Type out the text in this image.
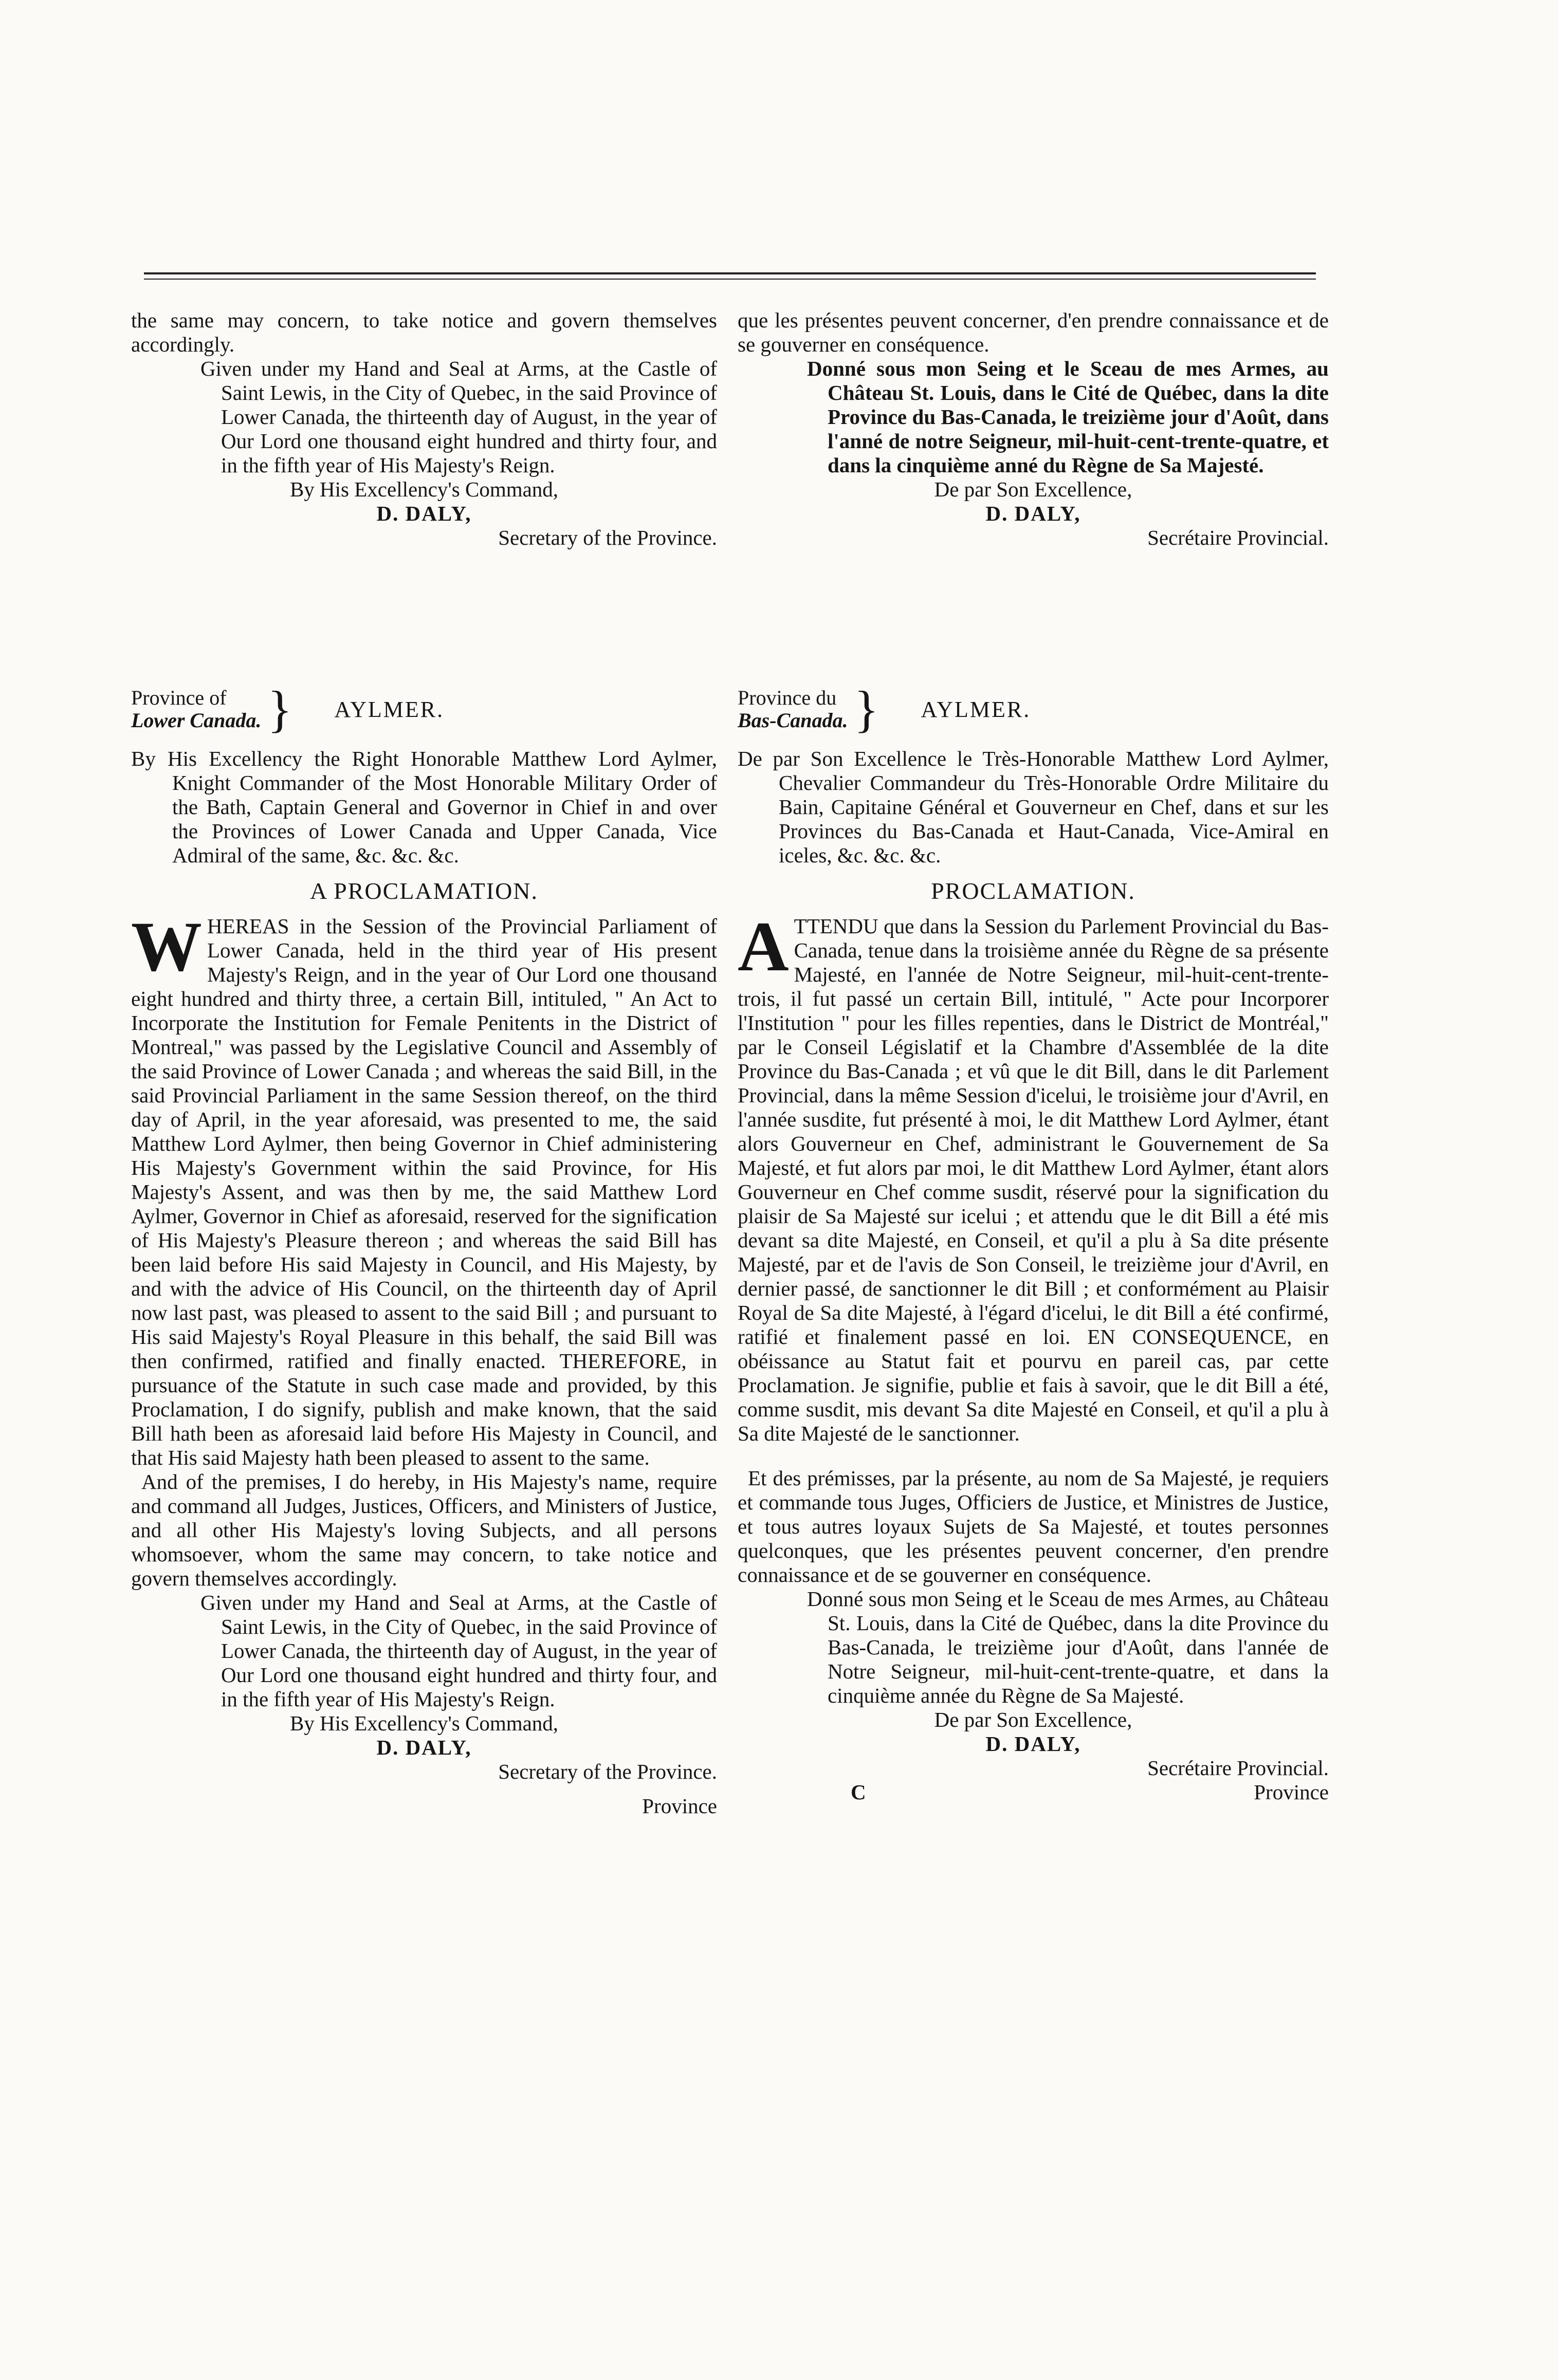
the same may concern, to take notice and govern themselves accordingly.

Given under my Hand and Seal at Arms, at the Castle of Saint Lewis, in the City of Quebec, in the said Province of Lower Canada, the thirteenth day of August, in the year of Our Lord one thousand eight hundred and thirty four, and in the fifth year of His Majesty's Reign.

By His Excellency's Command,

D. DALY,

Secretary of the Province.

que les présentes peuvent concerner, d'en prendre connaissance et de se gouverner en conséquence.

Donné sous mon Seing et le Sceau de mes Armes, au Château St. Louis, dans le Cité de Québec, dans la dite Province du Bas-Canada, le treizième jour d'Août, dans l'anné de notre Seigneur, mil-huit-cent-trente-quatre, et dans la cinquième anné du Règne de Sa Majesté.

De par Son Excellence,

D. DALY,

Secrétaire Provincial.

Province of
Lower Canada. } AYLMER.

By His Excellency the Right Honorable Matthew Lord Aylmer, Knight Commander of the Most Honorable Military Order of the Bath, Captain General and Governor in Chief in and over the Provinces of Lower Canada and Upper Canada, Vice Admiral of the same, &c. &c. &c.

A PROCLAMATION.

W HEREAS in the Session of the Provincial Parliament of Lower Canada, held in the third year of His present Majesty's Reign, and in the year of Our Lord one thousand eight hundred and thirty three, a certain Bill, intituled, " An Act to Incorporate the Institution for Female Penitents in the District of Montreal," was passed by the Legislative Council and Assembly of the said Province of Lower Canada ; and whereas the said Bill, in the said Provincial Parliament in the same Session thereof, on the third day of April, in the year aforesaid, was presented to me, the said Matthew Lord Aylmer, then being Governor in Chief administering His Majesty's Government within the said Province, for His Majesty's Assent, and was then by me, the said Matthew Lord Aylmer, Governor in Chief as aforesaid, reserved for the signification of His Majesty's Pleasure thereon ; and whereas the said Bill has been laid before His said Majesty in Council, and His Majesty, by and with the advice of His Council, on the thirteenth day of April now last past, was pleased to assent to the said Bill ; and pursuant to His said Majesty's Royal Pleasure in this behalf, the said Bill was then confirmed, ratified and finally enacted. THEREFORE, in pursuance of the Statute in such case made and provided, by this Proclamation, I do signify, publish and make known, that the said Bill hath been as aforesaid laid before His Majesty in Council, and that His said Majesty hath been pleased to assent to the same.

And of the premises, I do hereby, in His Majesty's name, require and command all Judges, Justices, Officers, and Ministers of Justice, and all other His Majesty's loving Subjects, and all persons whomsoever, whom the same may concern, to take notice and govern themselves accordingly.

Given under my Hand and Seal at Arms, at the Castle of Saint Lewis, in the City of Quebec, in the said Province of Lower Canada, the thirteenth day of August, in the year of Our Lord one thousand eight hundred and thirty four, and in the fifth year of His Majesty's Reign.

By His Excellency's Command,

D. DALY,

Secretary of the Province.

Province

Province du
Bas-Canada. } AYLMER.

De par Son Excellence le Très-Honorable Matthew Lord Aylmer, Chevalier Commandeur du Très-Honorable Ordre Militaire du Bain, Capitaine Général et Gouverneur en Chef, dans et sur les Provinces du Bas-Canada et Haut-Canada, Vice-Amiral en iceles, &c. &c. &c.

PROCLAMATION.

A TTENDU que dans la Session du Parlement Provincial du Bas-Canada, tenue dans la troisième année du Règne de sa présente Majesté, en l'année de Notre Seigneur, mil-huit-cent-trente-trois, il fut passé un certain Bill, intitulé, " Acte pour Incorporer l'Institution " pour les filles repenties, dans le District de Montréal," par le Conseil Législatif et la Chambre d'Assemblée de la dite Province du Bas-Canada ; et vû que le dit Bill, dans le dit Parlement Provincial, dans la même Session d'icelui, le troisième jour d'Avril, en l'année susdite, fut présenté à moi, le dit Matthew Lord Aylmer, étant alors Gouverneur en Chef, administrant le Gouvernement de Sa Majesté, et fut alors par moi, le dit Matthew Lord Aylmer, étant alors Gouverneur en Chef comme susdit, réservé pour la signification du plaisir de Sa Majesté sur icelui ; et attendu que le dit Bill a été mis devant sa dite Majesté, en Conseil, et qu'il a plu à Sa dite présente Majesté, par et de l'avis de Son Conseil, le treizième jour d'Avril, en dernier passé, de sanctionner le dit Bill ; et conformément au Plaisir Royal de Sa dite Majesté, à l'égard d'icelui, le dit Bill a été confirmé, ratifié et finalement passé en loi. EN CONSEQUENCE, en obéissance au Statut fait et pourvu en pareil cas, par cette Proclamation. Je signifie, publie et fais à savoir, que le dit Bill a été, comme susdit, mis devant Sa dite Majesté en Conseil, et qu'il a plu à Sa dite Majesté de le sanctionner.

Et des prémisses, par la présente, au nom de Sa Majesté, je requiers et commande tous Juges, Officiers de Justice, et Ministres de Justice, et tous autres loyaux Sujets de Sa Majesté, et toutes personnes quelconques, que les présentes peuvent concerner, d'en prendre connaissance et de se gouverner en conséquence.

Donné sous mon Seing et le Sceau de mes Armes, au Château St. Louis, dans la Cité de Québec, dans la dite Province du Bas-Canada, le treizième jour d'Août, dans l'année de Notre Seigneur, mil-huit-cent-trente-quatre, et dans la cinquième année du Règne de Sa Majesté.

De par Son Excellence,

D. DALY,

Secrétaire Provincial.

C	Province
